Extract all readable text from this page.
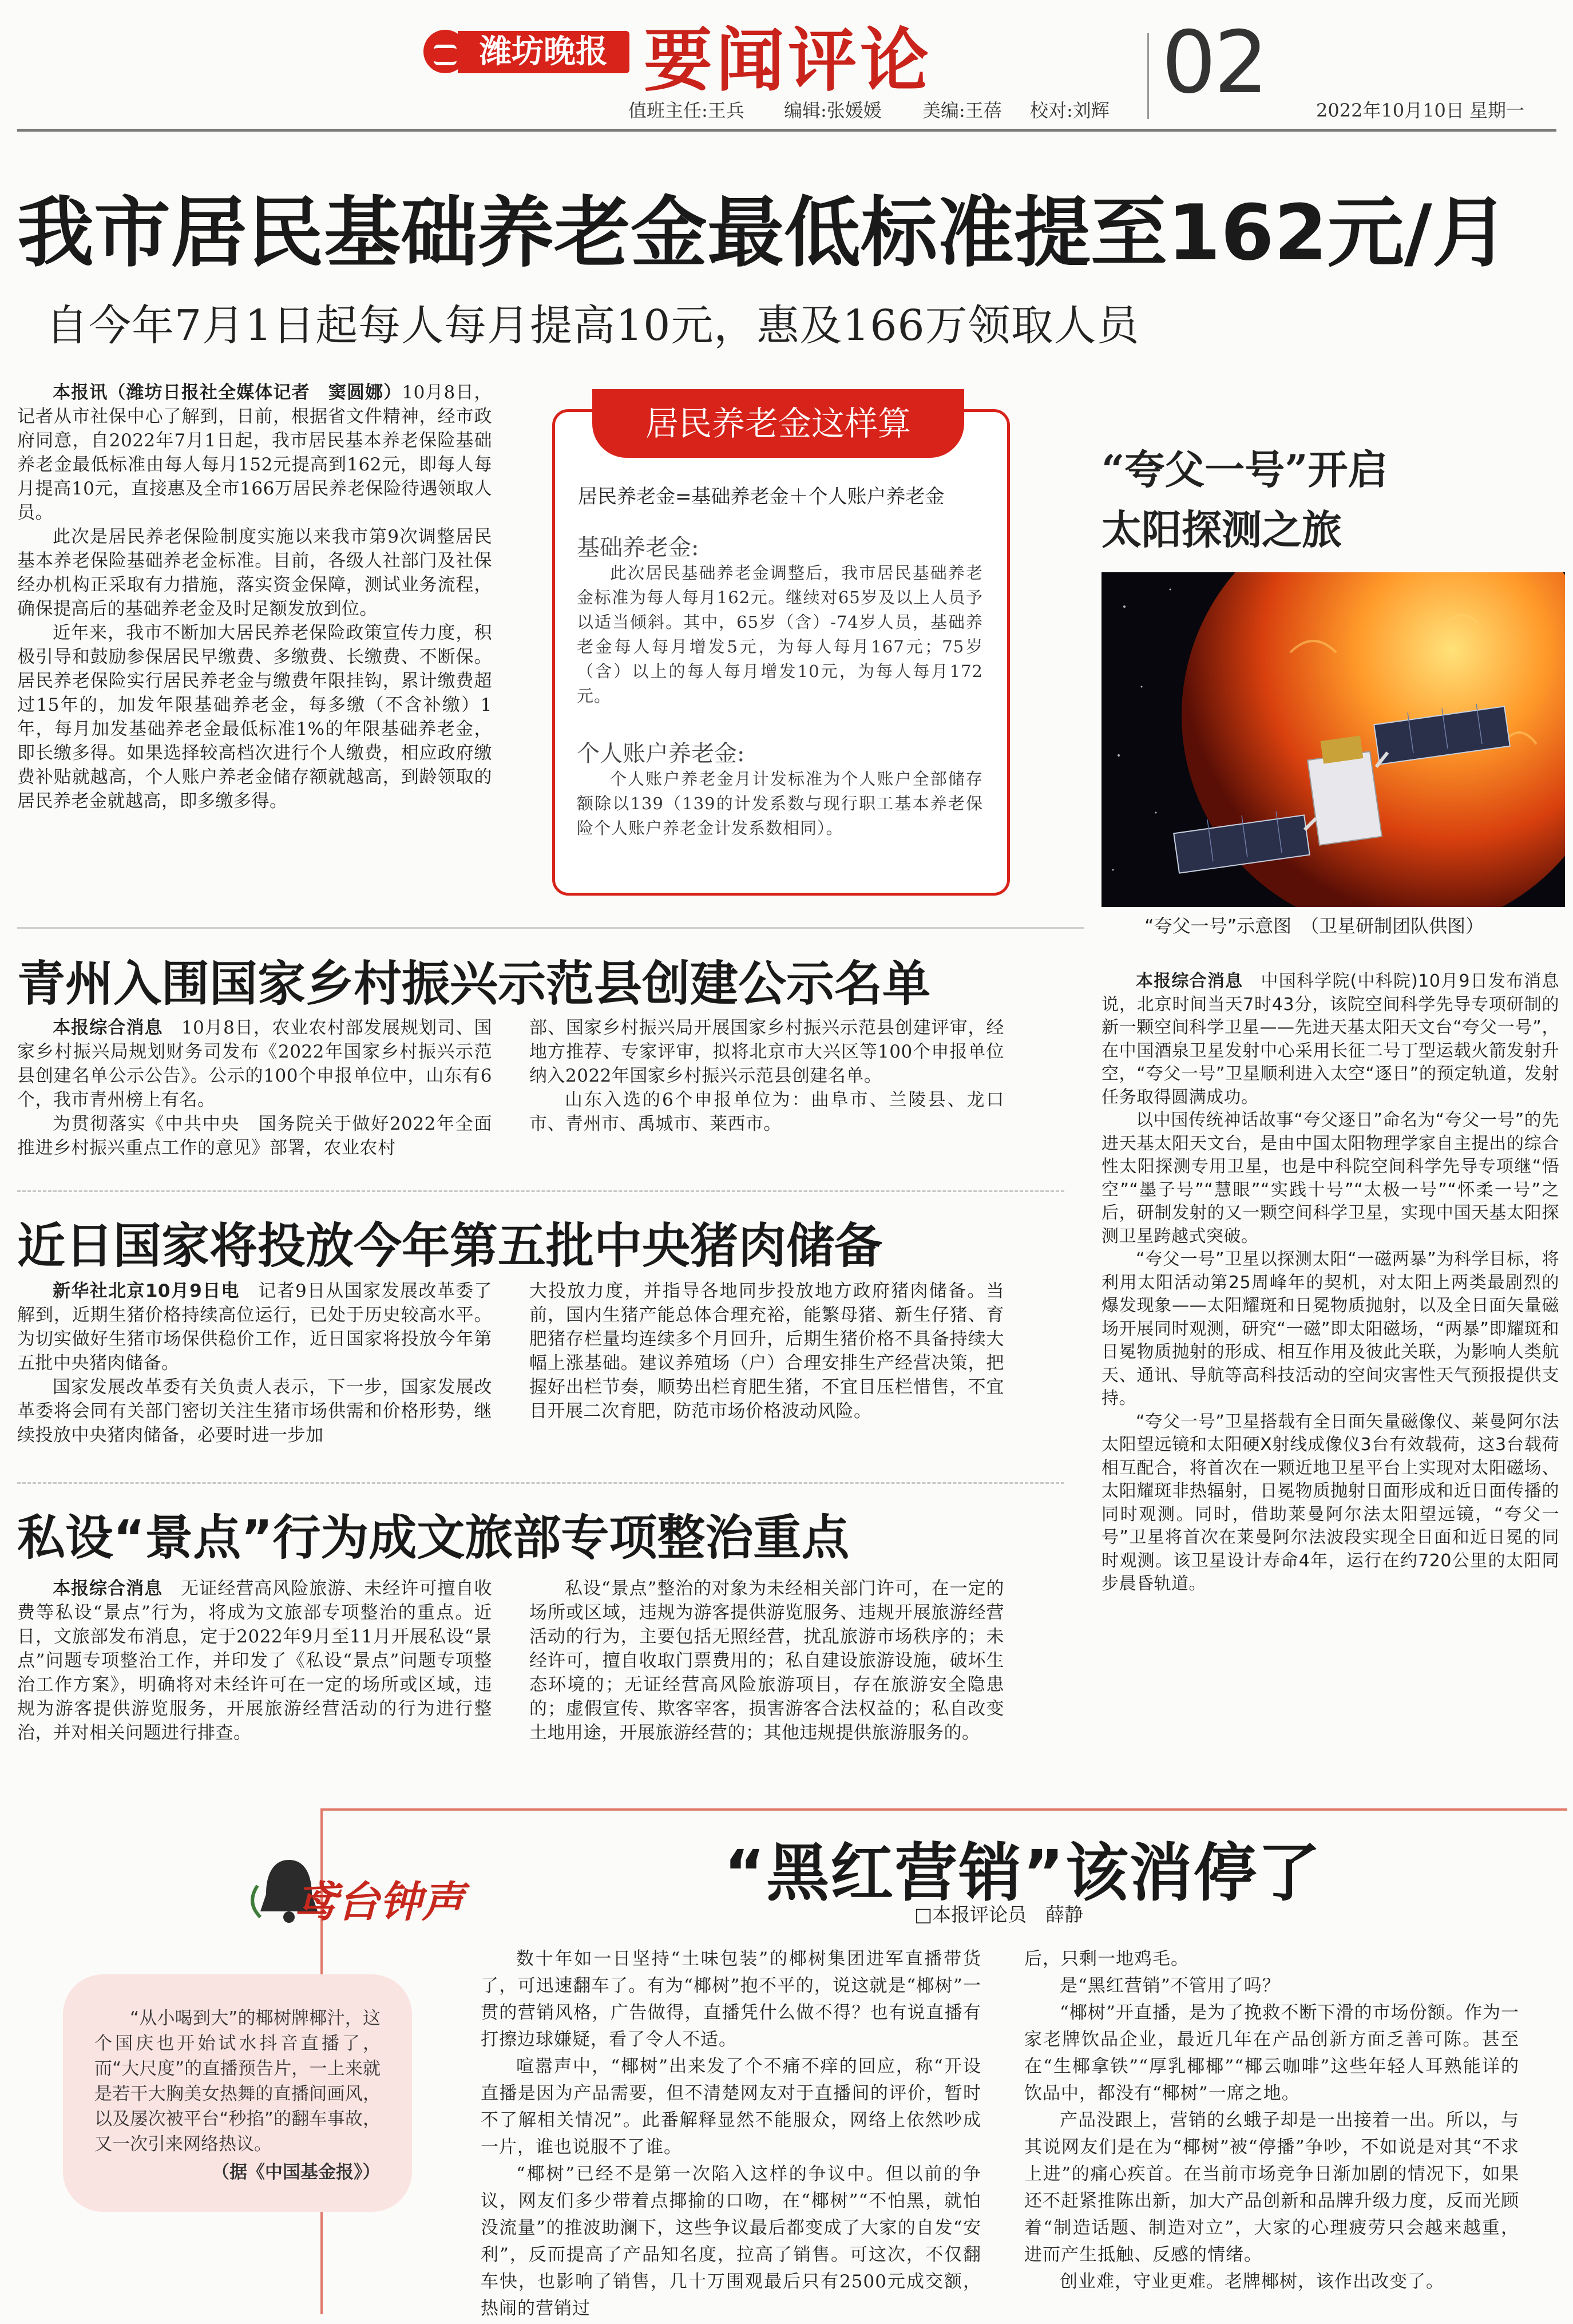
潍坊晚报 要闻评论	02
值班主任:王兵 编辑:张媛媛 美编:王蓓 校对:刘辉	2022年10月10日 星期一
我市居民基础养老金最低标准提至162元/月
自今年7月1日起每人每月提高10元，惠及166万领取人员

本报讯（潍坊日报社全媒体记者　窦圆娜）10月8日，记者从市社保中心了解到，日前，根据省文件精神，经市政府同意，自2022年7月1日起，我市居民基本养老保险基础养老金最低标准由每人每月152元提高到162元，即每人每月提高10元，直接惠及全市166万居民养老保险待遇领取人员。

此次是居民养老保险制度实施以来我市第9次调整居民基本养老保险基础养老金标准。目前，各级人社部门及社保经办机构正采取有力措施，落实资金保障，测试业务流程，确保提高后的基础养老金及时足额发放到位。

近年来，我市不断加大居民养老保险政策宣传力度，积极引导和鼓励参保居民早缴费、多缴费、长缴费、不断保。居民养老保险实行居民养老金与缴费年限挂钩，累计缴费超过15年的，加发年限基础养老金，每多缴（不含补缴）1年，每月加发基础养老金最低标准1%的年限基础养老金，即长缴多得。如果选择较高档次进行个人缴费，相应政府缴费补贴就越高，个人账户养老金储存额就越高，到龄领取的居民养老金就越高，即多缴多得。

居民养老金这样算
居民养老金=基础养老金＋个人账户养老金
基础养老金:
此次居民基础养老金调整后，我市居民基础养老金标准为每人每月162元。继续对65岁及以上人员予以适当倾斜。其中，65岁（含）-74岁人员，基础养老金每人每月增发5元，为每人每月167元；75岁（含）以上的每人每月增发10元，为每人每月172元。
个人账户养老金:
个人账户养老金月计发标准为个人账户全部储存额除以139（139的计发系数与现行职工基本养老保险个人账户养老金计发系数相同）。
“夸父一号”开启
太阳探测之旅
“夸父一号”示意图　（卫星研制团队供图）

本报综合消息　 中国科学院(中科院)10月9日发布消息说，北京时间当天7时43分，该院空间科学先导专项研制的新一颗空间科学卫星——先进天基太阳天文台“夸父一号”，在中国酒泉卫星发射中心采用长征二号丁型运载火箭发射升空，“夸父一号”卫星顺利进入太空“逐日”的预定轨道，发射任务取得圆满成功。

以中国传统神话故事“夸父逐日”命名为“夸父一号”的先进天基太阳天文台，是由中国太阳物理学家自主提出的综合性太阳探测专用卫星，也是中科院空间科学先导专项继“悟空”“墨子号”“慧眼”“实践十号”“太极一号”“怀柔一号”之后，研制发射的又一颗空间科学卫星，实现中国天基太阳探测卫星跨越式突破。

“夸父一号”卫星以探测太阳“一磁两暴”为科学目标，将利用太阳活动第25周峰年的契机，对太阳上两类最剧烈的爆发现象——太阳耀斑和日冕物质抛射，以及全日面矢量磁场开展同时观测，研究“一磁”即太阳磁场，“两暴”即耀斑和日冕物质抛射的形成、相互作用及彼此关联，为影响人类航天、通讯、导航等高科技活动的空间灾害性天气预报提供支持。

“夸父一号”卫星搭载有全日面矢量磁像仪、莱曼阿尔法太阳望远镜和太阳硬X射线成像仪3台有效载荷，这3台载荷相互配合，将首次在一颗近地卫星平台上实现对太阳磁场、太阳耀斑非热辐射，日冕物质抛射日面形成和近日面传播的同时观测。同时，借助莱曼阿尔法太阳望远镜，“夸父一号”卫星将首次在莱曼阿尔法波段实现全日面和近日冕的同时观测。该卫星设计寿命4年，运行在约720公里的太阳同步晨昏轨道。

青州入围国家乡村振兴示范县创建公示名单

本报综合消息　 10月8日，农业农村部发展规划司、国家乡村振兴局规划财务司发布《2022年国家乡村振兴示范县创建名单公示公告》。公示的100个申报单位中，山东有6个，我市青州榜上有名。

为贯彻落实《中共中央　国务院关于做好2022年全面推进乡村振兴重点工作的意见》部署，农业农村

部、国家乡村振兴局开展国家乡村振兴示范县创建评审，经地方推荐、专家评审，拟将北京市大兴区等100个申报单位纳入2022年国家乡村振兴示范县创建名单。

山东入选的6个申报单位为：曲阜市、兰陵县、龙口市、青州市、禹城市、莱西市。

近日国家将投放今年第五批中央猪肉储备

新华社北京10月9日电　 记者9日从国家发展改革委了解到，近期生猪价格持续高位运行，已处于历史较高水平。为切实做好生猪市场保供稳价工作，近日国家将投放今年第五批中央猪肉储备。

国家发展改革委有关负责人表示，下一步，国家发展改革委将会同有关部门密切关注生猪市场供需和价格形势，继续投放中央猪肉储备，必要时进一步加

大投放力度，并指导各地同步投放地方政府猪肉储备。当前，国内生猪产能总体合理充裕，能繁母猪、新生仔猪、育肥猪存栏量均连续多个月回升，后期生猪价格不具备持续大幅上涨基础。建议养殖场（户）合理安排生产经营决策，把握好出栏节奏，顺势出栏育肥生猪，不宜目压栏惜售，不宜目开展二次育肥，防范市场价格波动风险。

私设“景点”行为成文旅部专项整治重点

本报综合消息　 无证经营高风险旅游、未经许可擅自收费等私设“景点”行为，将成为文旅部专项整治的重点。近日，文旅部发布消息，定于2022年9月至11月开展私设“景点”问题专项整治工作，并印发了《私设“景点”问题专项整治工作方案》，明确将对未经许可在一定的场所或区域，违规为游客提供游览服务，开展旅游经营活动的行为进行整治，并对相关问题进行排查。

私设“景点”整治的对象为未经相关部门许可，在一定的场所或区域，违规为游客提供游览服务、违规开展旅游经营活动的行为，主要包括无照经营，扰乱旅游市场秩序的；未经许可，擅自收取门票费用的；私自建设旅游设施，破坏生态环境的；无证经营高风险旅游项目，存在旅游安全隐患的；虚假宣传、欺客宰客，损害游客合法权益的；私自改变土地用途，开展旅游经营的；其他违规提供旅游服务的。

鸢台钟声	“黑红营销”该消停了
□本报评论员　薛静
“从小喝到大”的椰树牌椰汁，这个国庆也开始试水抖音直播了，而“大尺度”的直播预告片，一上来就是若干大胸美女热舞的直播间画风，以及屡次被平台“秒掐”的翻车事故，又一次引来网络热议。
（据《中国基金报》）

数十年如一日坚持“土味包装”的椰树集团进军直播带货了，可迅速翻车了。有为“椰树”抱不平的，说这就是“椰树”一贯的营销风格，广告做得，直播凭什么做不得？也有说直播有打擦边球嫌疑，看了令人不适。

喧嚣声中，“椰树”出来发了个不痛不痒的回应，称“开设直播是因为产品需要，但不清楚网友对于直播间的评价，暂时不了解相关情况”。此番解释显然不能服众，网络上依然吵成一片，谁也说服不了谁。

“椰树”已经不是第一次陷入这样的争议中。但以前的争议，网友们多少带着点揶揄的口吻，在“椰树”“不怕黑，就怕没流量”的推波助澜下，这些争议最后都变成了大家的自发“安利”，反而提高了产品知名度，拉高了销售。可这次，不仅翻车快，也影响了销售，几十万围观最后只有2500元成交额，热闹的营销过

后，只剩一地鸡毛。

是“黑红营销”不管用了吗？

“椰树”开直播，是为了挽救不断下滑的市场份额。作为一家老牌饮品企业，最近几年在产品创新方面乏善可陈。甚至在“生椰拿铁”“厚乳椰椰”“椰云咖啡”这些年轻人耳熟能详的饮品中，都没有“椰树”一席之地。

产品没跟上，营销的幺蛾子却是一出接着一出。所以，与其说网友们是在为“椰树”被“停播”争吵，不如说是对其“不求上进”的痛心疾首。在当前市场竞争日渐加剧的情况下，如果还不赶紧推陈出新，加大产品创新和品牌升级力度，反而光顾着“制造话题、制造对立”，大家的心理疲劳只会越来越重，进而产生抵触、反感的情绪。

创业难，守业更难。老牌椰树，该作出改变了。
